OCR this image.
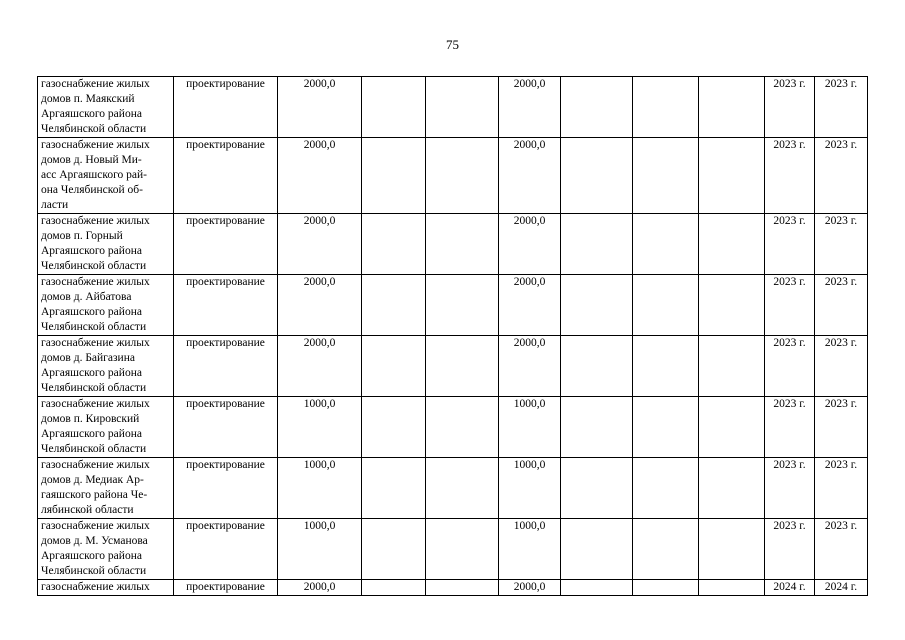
75
газоснабжение жилых
домов п. Маякский
Аргаяшского района
Челябинской области	проектирование	2000,0			2000,0				2023 г.	2023 г.

газоснабжение жилых
домов д. Новый Ми-
асс Аргаяшского рай-
она Челябинской об-
ласти	проектирование	2000,0			2000,0				2023 г.	2023 г.

газоснабжение жилых
домов п. Горный
Аргаяшского района
Челябинской области	проектирование	2000,0			2000,0				2023 г.	2023 г.

газоснабжение жилых
домов д. Айбатова
Аргаяшского района
Челябинской области	проектирование	2000,0			2000,0				2023 г.	2023 г.

газоснабжение жилых
домов д. Байгазина
Аргаяшского района
Челябинской области	проектирование	2000,0			2000,0				2023 г.	2023 г.

газоснабжение жилых
домов п. Кировский
Аргаяшского района
Челябинской области	проектирование	1000,0			1000,0				2023 г.	2023 г.

газоснабжение жилых
домов д. Медиак Ар-
гаяшского района Че-
лябинской области	проектирование	1000,0			1000,0				2023 г.	2023 г.

газоснабжение жилых
домов д. М. Усманова
Аргаяшского района
Челябинской области	проектирование	1000,0			1000,0				2023 г.	2023 г.

газоснабжение жилых	проектирование	2000,0			2000,0				2024 г.	2024 г.
